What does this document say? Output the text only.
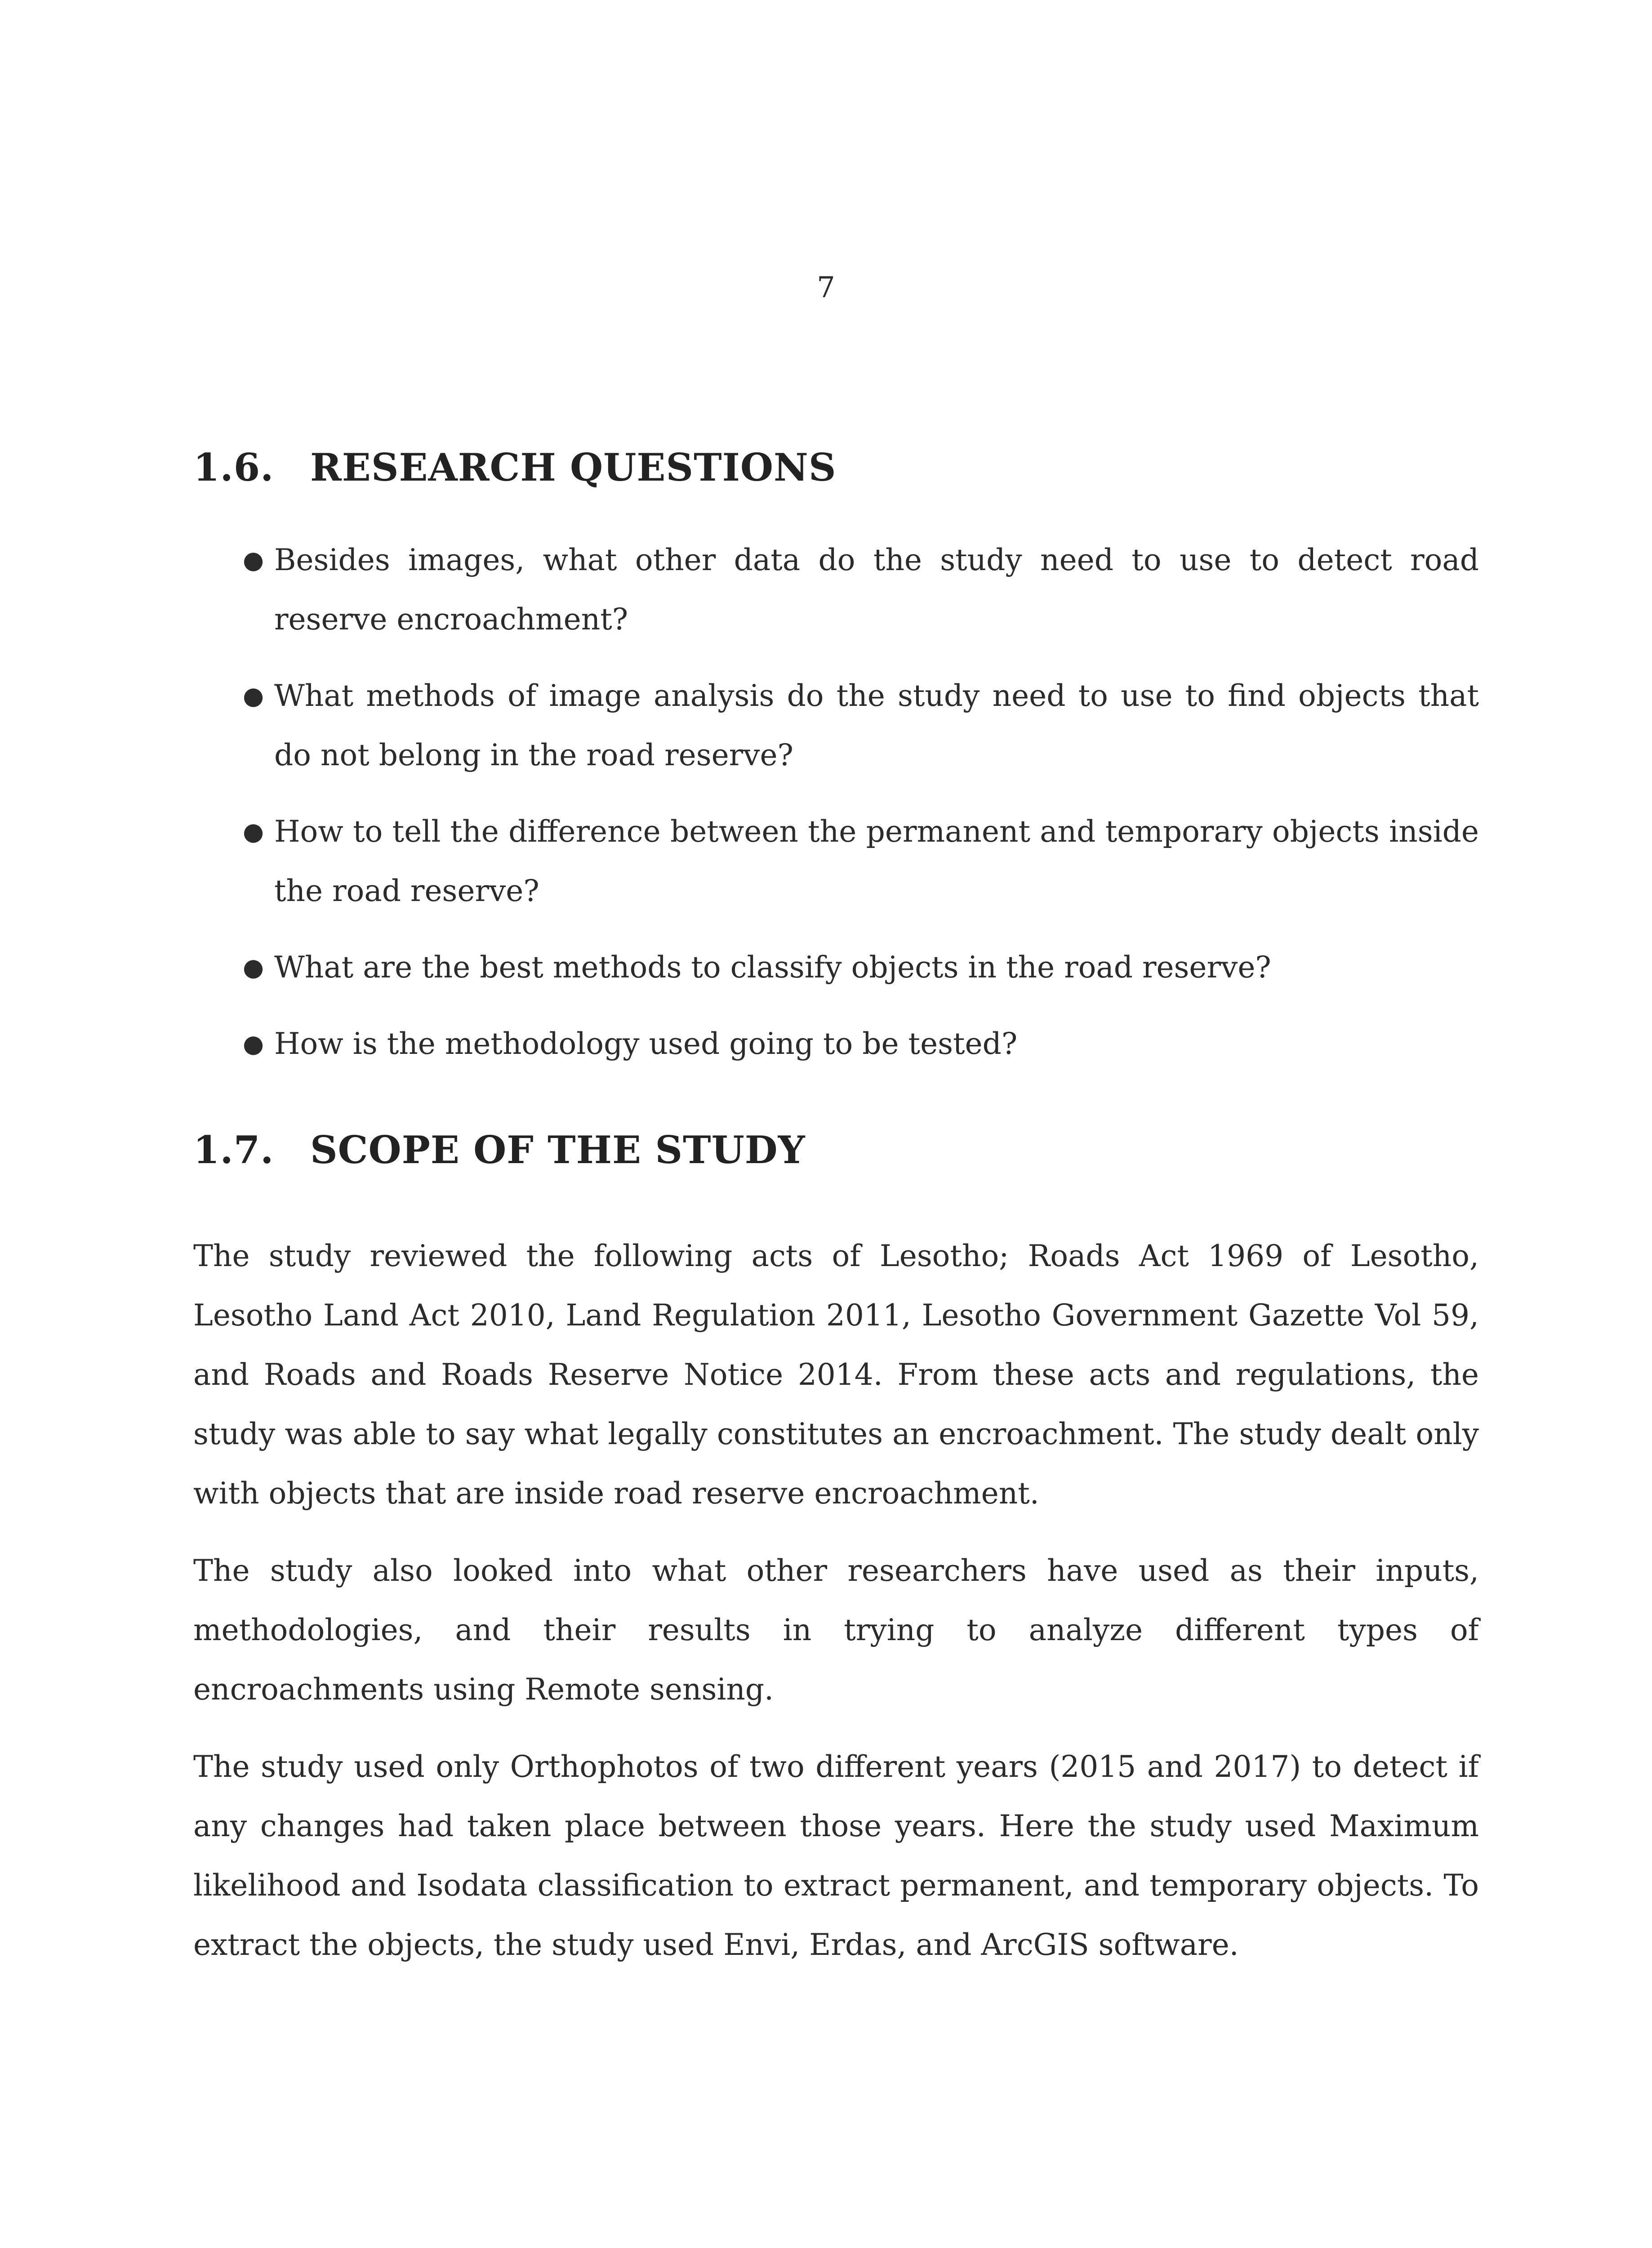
7
1.6. RESEARCH QUESTIONS
● Besides images, what other data do the study need to use to detect road reserve encroachment?
● What methods of image analysis do the study need to use to find objects that do not belong in the road reserve?
● How to tell the difference between the permanent and temporary objects inside the road reserve?
● What are the best methods to classify objects in the road reserve?
● How is the methodology used going to be tested?
1.7. SCOPE OF THE STUDY

The study reviewed the following acts of Lesotho; Roads Act 1969 of Lesotho, Lesotho Land Act 2010, Land Regulation 2011, Lesotho Government Gazette Vol 59, and Roads and Roads Reserve Notice 2014. From these acts and regulations, the study was able to say what legally constitutes an encroachment. The study dealt only with objects that are inside road reserve encroachment.

The study also looked into what other researchers have used as their inputs, methodologies, and their results in trying to analyze different types of encroachments using Remote sensing.

The study used only Orthophotos of two different years (2015 and 2017) to detect if any changes had taken place between those years. Here the study used Maximum likelihood and Isodata classification to extract permanent, and temporary objects. To extract the objects, the study used Envi, Erdas, and ArcGIS software.
